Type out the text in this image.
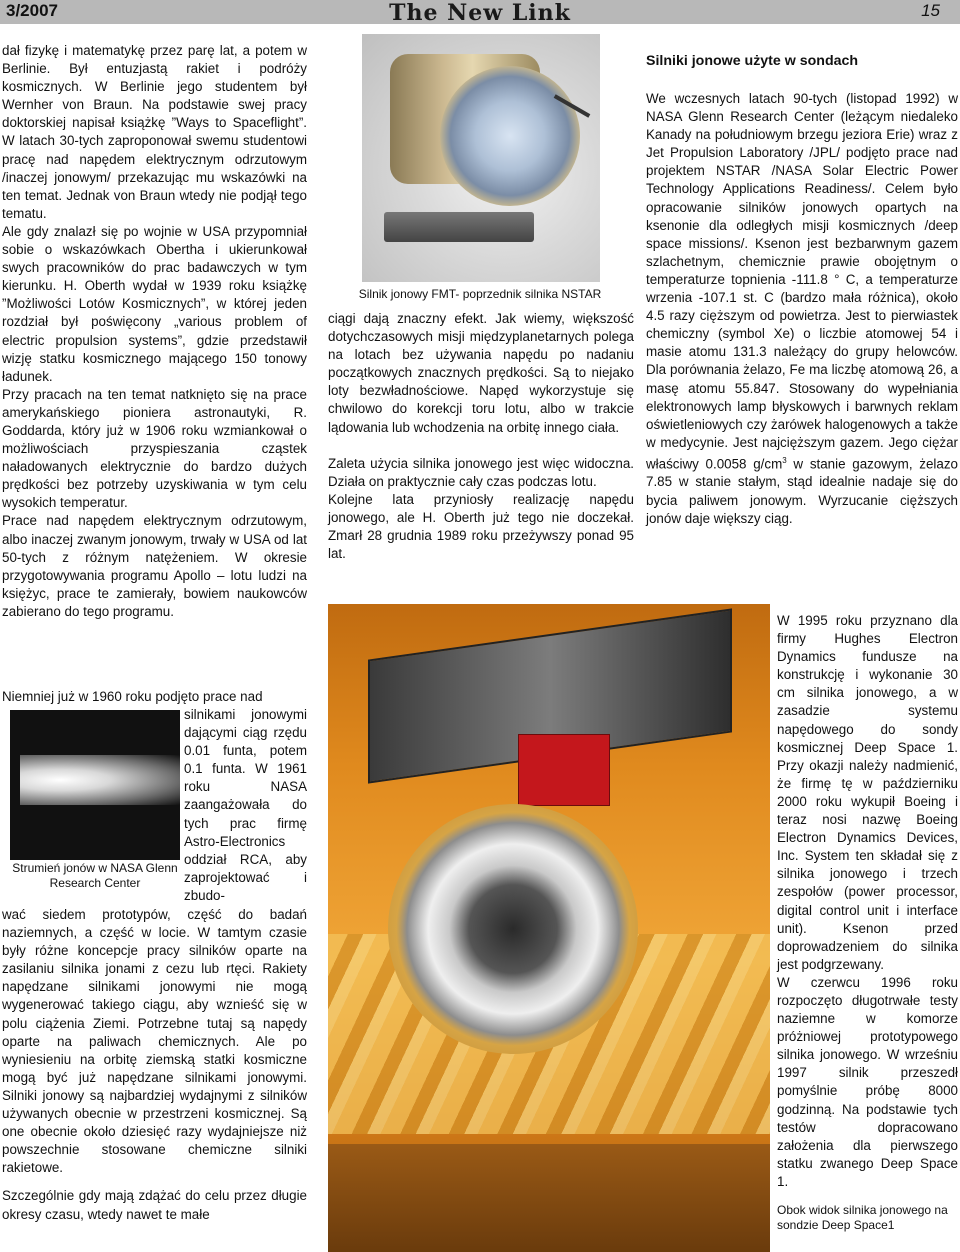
3/2007	The New Link	15

dał fizykę i matematykę przez parę lat, a potem w Berlinie. Był entuzjastą rakiet i podróży kosmicznych. W Berlinie jego studentem był Wernher von Braun. Na podstawie swej pracy doktorskiej napisał książkę ”Ways to Spaceflight”. W latach 30-tych zaproponował swemu studentowi pracę nad napędem elektrycznym odrzutowym /inaczej jonowym/ przekazując mu wskazówki na ten temat. Jednak von Braun wtedy nie podjął tego tematu.

Ale gdy znalazł się po wojnie w USA przypomniał sobie o wskazówkach Obertha i ukierunkował swych pracowników do prac badawczych w tym kierunku. H. Oberth wydał w 1939 roku książkę ”Możliwości Lotów Kosmicznych”, w której jeden rozdział był poświęcony „various problem of electric propulsion systems”, gdzie przedstawił wizję statku kosmicznego mającego 150 tonowy ładunek.

Przy pracach na ten temat natknięto się na prace amerykańskiego pioniera astronautyki, R. Goddarda, który już w 1906 roku wzmiankował o możliwościach przyspieszania cząstek naładowanych elektrycznie do bardzo dużych prędkości bez potrzeby uzyskiwania w tym celu wysokich temperatur.

Prace nad napędem elektrycznym odrzutowym, albo inaczej zwanym jonowym, trwały w USA od lat 50-tych z różnym natężeniem. W okresie przygotowywania programu Apollo – lotu ludzi na księżyc, prace te zamierały, bowiem naukowców zabierano do tego programu.

Niemniej już w 1960 roku podjęto prace nad
Strumień jonów w NASA Glenn Research Center
silnikami jonowymi dającymi ciąg rzędu 0.01 funta, potem 0.1 funta. W 1961 roku NASA zaangażowała do tych prac firmę Astro-Electronics oddział RCA, aby zaprojektować i zbudo-

wać siedem prototypów, część do badań naziemnych, a część w locie. W tamtym czasie były różne koncepcje pracy silników oparte na zasilaniu silnika jonami z cezu lub rtęci. Rakiety napędzane silnikami jonowymi nie mogą wygenerować takiego ciągu, aby wznieść się w polu ciążenia Ziemi. Potrzebne tutaj są napędy oparte na paliwach chemicznych. Ale po wyniesieniu na orbitę ziemską statki kosmiczne mogą być już napędzane silnikami jonowymi. Silniki jonowy są najbardziej wydajnymi z silników używanych obecnie w przestrzeni kosmicznej. Są one obecnie około dziesięć razy wydajniejsze niż powszechnie stosowane chemiczne silniki rakietowe.

Szczególnie gdy mają zdążać do celu przez długie okresy czasu, wtedy nawet te małe

Silnik jonowy FMT- poprzednik silnika NSTAR

ciągi dają znaczny efekt. Jak wiemy, większość dotychczasowych misji międzyplanetarnych polega na lotach bez używania napędu po nadaniu początkowych znacznych prędkości. Są to niejako loty bezwładnościowe. Napęd wykorzystuje się chwilowo do korekcji toru lotu, albo w trakcie lądowania lub wchodzenia na orbitę innego ciała.

Zaleta użycia silnika jonowego jest więc widoczna. Działa on praktycznie cały czas podczas lotu.

Kolejne lata przyniosły realizację napędu jonowego, ale H. Oberth już tego nie doczekał. Zmarł 28 grudnia 1989 roku przeżywszy ponad 95 lat.

Silniki jonowe użyte w sondach
We wczesnych latach 90-tych (listopad 1992) w NASA Glenn Research Center (leżącym niedaleko Kanady na południowym brzegu jeziora Erie) wraz z Jet Propulsion Laboratory /JPL/ podjęto prace nad projektem NSTAR /NASA Solar Electric Power Technology Applications Readiness/. Celem było opracowanie silników jonowych opartych na ksenonie dla odległych misji kosmicznych /deep space missions/. Ksenon jest bezbarwnym gazem szlachetnym, chemicznie prawie obojętnym o temperaturze topnienia -111.8 ° C, a temperaturze wrzenia -107.1 st. C (bardzo mała różnica), około 4.5 razy cięższym od powietrza. Jest to pierwiastek chemiczny (symbol Xe) o liczbie atomowej 54 i masie atomu 131.3 należący do grupy helowców. Dla porównania żelazo, Fe ma liczbę atomową 26, a masę atomu 55.847. Stosowany do wypełniania elektronowych lamp błyskowych i barwnych reklam oświetleniowych czy żarówek halogenowych a także w medycynie. Jest najcięższym gazem. Jego ciężar właściwy 0.0058 $g/cm^3$ w stanie gazowym, żelazo 7.85 w stanie stałym, stąd idealnie nadaje się do bycia paliwem jonowym. Wyrzucanie cięższych jonów daje większy ciąg.

W 1995 roku przyznano dla firmy Hughes Electron Dynamics fundusze na konstrukcję i wykonanie 30 cm silnika jonowego, a w zasadzie systemu napędowego do sondy kosmicznej Deep Space 1. Przy okazji należy nadmienić, że firmę tę w październiku 2000 roku wykupił Boeing i teraz nosi nazwę Boeing Electron Dynamics Devices, Inc. System ten składał się z silnika jonowego i trzech zespołów (power processor, digital control unit i interface unit). Ksenon przed doprowadzeniem do silnika jest podgrzewany.

W czerwcu 1996 roku rozpoczęto długotrwałe testy naziemne w komorze próżniowej prototypowego silnika jonowego. W wrześniu 1997 silnik przeszedł pomyślnie próbę 8000 godzinną. Na podstawie tych testów dopracowano założenia dla pierwszego statku zwanego Deep Space 1.

Obok widok silnika jonowego na sondzie Deep Space1
